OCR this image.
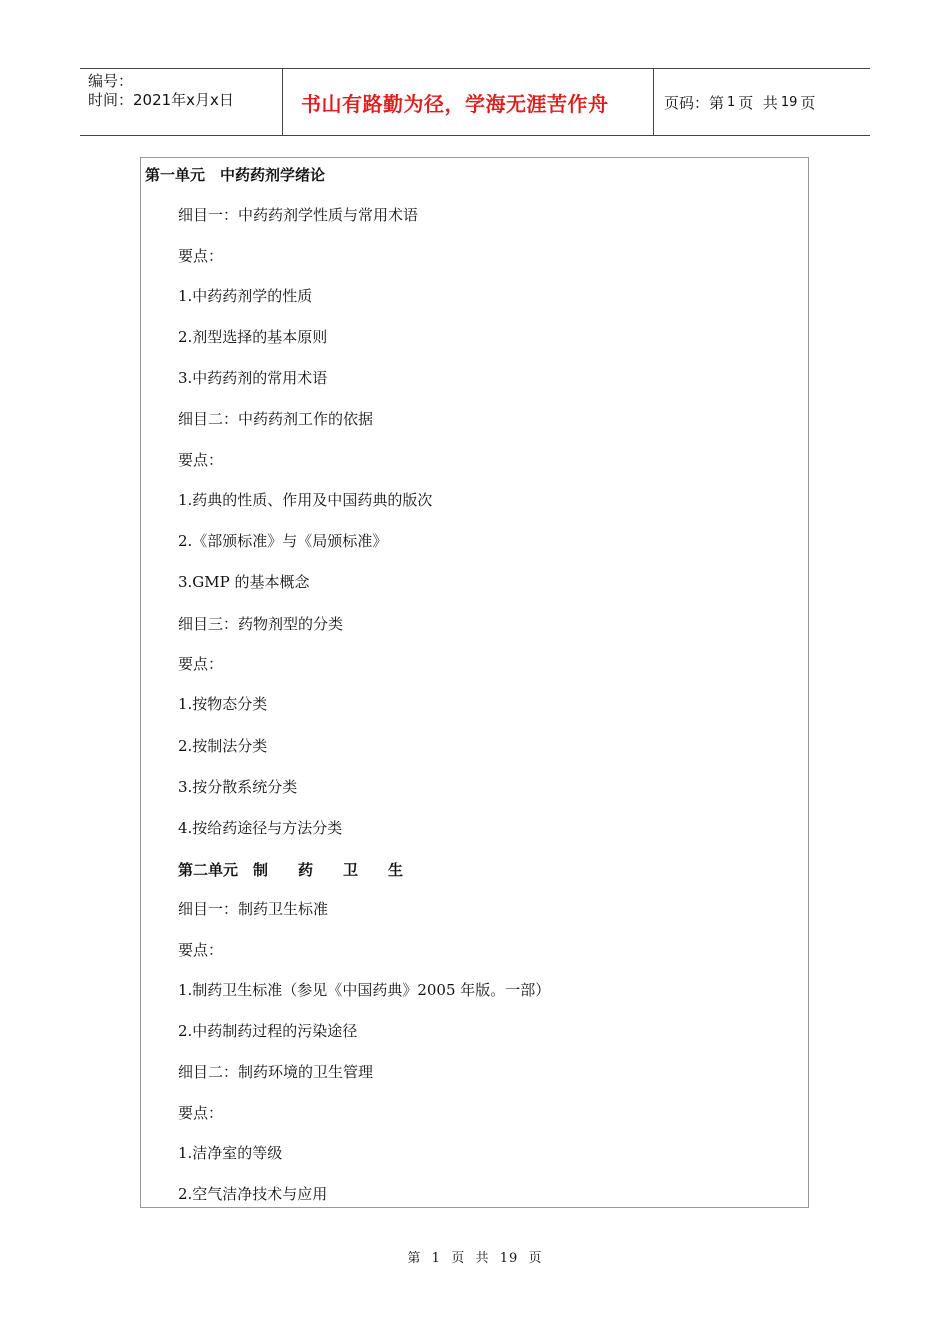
编号：
时间：2021年x月x日	书山有路勤为径，学海无涯苦作舟	页码：第 1 页  共 19 页
第一单元　中药药剂学绪论
细目一：中药药剂学性质与常用术语
要点：
1.中药药剂学的性质
2.剂型选择的基本原则
3.中药药剂的常用术语
细目二：中药药剂工作的依据
要点：
1.药典的性质、作用及中国药典的版次
2.《部颁标准》与《局颁标准》
3.GMP 的基本概念
细目三：药物剂型的分类
要点：
1.按物态分类
2.按制法分类
3.按分散系统分类
4.按给药途径与方法分类
第二单元　制　　药　　卫　　生
细目一：制药卫生标准
要点：
1.制药卫生标准（参见《中国药典》2005 年版。一部）
2.中药制药过程的污染途径
细目二：制药环境的卫生管理
要点：
1.洁净室的等级
2.空气洁净技术与应用
第  1  页  共  19  页
